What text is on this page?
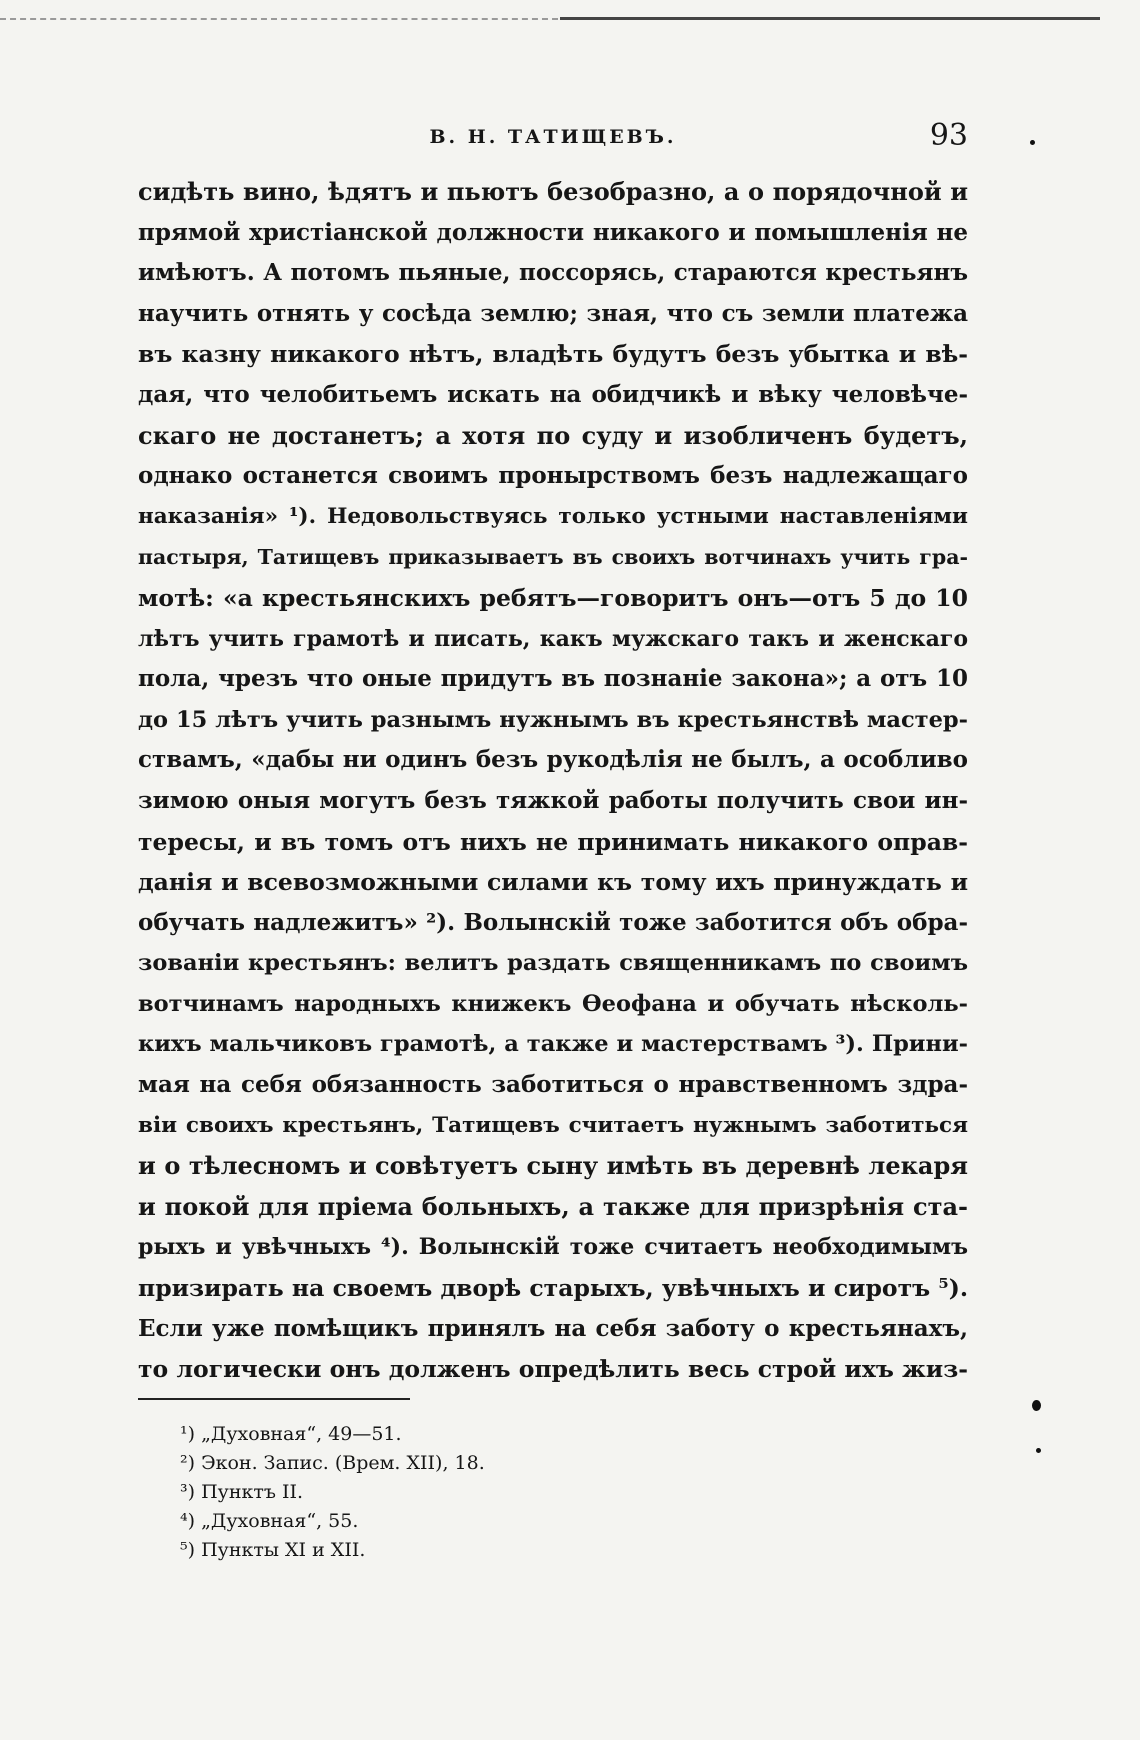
В. Н. ТАТИЩЕВЪ.	93
сидѣть вино, ѣдятъ и пьютъ безобразно, а о порядочной и
прямой христіанской должности никакого и помышленія не
имѣютъ. А потомъ пьяные, поссорясь, стараются крестьянъ
научить отнять у сосѣда землю; зная, что съ земли платежа
въ казну никакого нѣтъ, владѣть будутъ безъ убытка и вѣ-
дая, что челобитьемъ искать на обидчикѣ и вѣку человѣче-
скаго не достанетъ; а хотя по суду и изобличенъ будетъ,
однако останется своимъ пронырствомъ безъ надлежащаго
наказанія» ¹). Недовольствуясь только устными наставленіями
пастыря, Татищевъ приказываетъ въ своихъ вотчинахъ учить гра-
мотѣ: «а крестьянскихъ ребятъ—говоритъ онъ—отъ 5 до 10
лѣтъ учить грамотѣ и писать, какъ мужскаго такъ и женскаго
пола, чрезъ что оные придутъ въ познаніе закона»; а отъ 10
до 15 лѣтъ учить разнымъ нужнымъ въ крестьянствѣ мастер-
ствамъ, «дабы ни одинъ безъ рукодѣлія не былъ, а особливо
зимою оныя могутъ безъ тяжкой работы получить свои ин-
тересы, и въ томъ отъ нихъ не принимать никакого оправ-
данія и всевозможными силами къ тому ихъ принуждать и
обучать надлежитъ» ²). Волынскій тоже заботится объ обра-
зованіи крестьянъ: велитъ раздать священникамъ по своимъ
вотчинамъ народныхъ книжекъ Ѳеофана и обучать нѣсколь-
кихъ мальчиковъ грамотѣ, а также и мастерствамъ ³). Прини-
мая на себя обязанность заботиться о нравственномъ здра-
віи своихъ крестьянъ, Татищевъ считаетъ нужнымъ заботиться
и о тѣлесномъ и совѣтуетъ сыну имѣть въ деревнѣ лекаря
и покой для пріема больныхъ, а также для призрѣнія ста-
рыхъ и увѣчныхъ ⁴). Волынскій тоже считаетъ необходимымъ
призирать на своемъ дворѣ старыхъ, увѣчныхъ и сиротъ ⁵).
Если уже помѣщикъ принялъ на себя заботу о крестьянахъ,
то логически онъ долженъ опредѣлить весь строй ихъ жиз-
¹) „Духовная“, 49—51.
²) Экон. Запис. (Врем. XII), 18.
³) Пунктъ II.
⁴) „Духовная“, 55.
⁵) Пункты XI и XII.
